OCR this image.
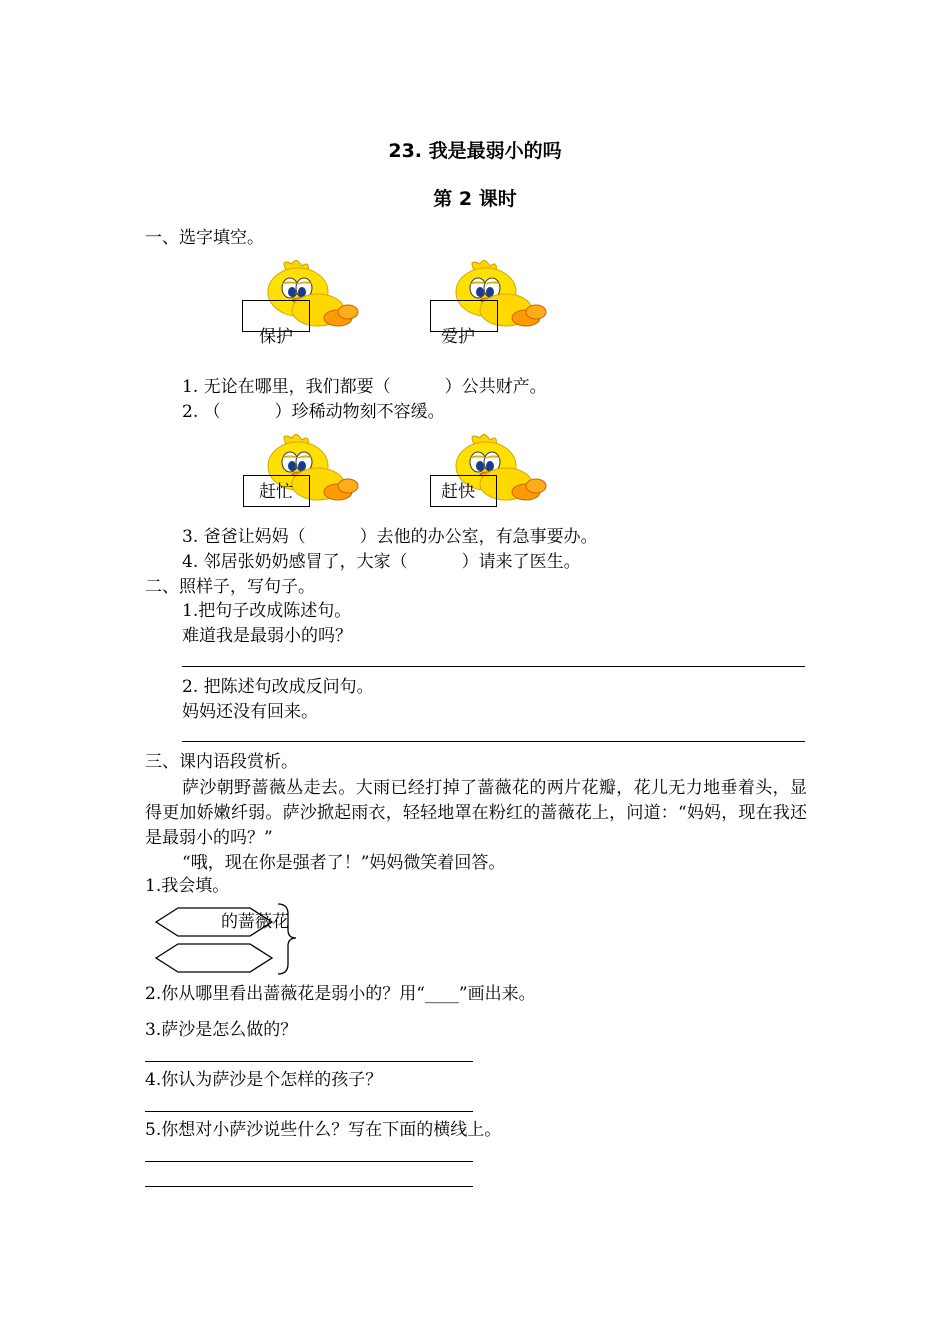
23. 我是最弱小的吗
第 2 课时
一、选字填空。
保护	爱护
1. 无论在哪里，我们都要（          ）公共财产。
2. （          ）珍稀动物刻不容缓。
赶忙	赶快
3. 爸爸让妈妈（          ）去他的办公室，有急事要办。
4. 邻居张奶奶感冒了，大家（          ）请来了医生。
二、照样子，写句子。
1.把句子改成陈述句。
难道我是最弱小的吗？
2. 把陈述句改成反问句。
妈妈还没有回来。
三、课内语段赏析。
萨沙朝野蔷薇丛走去。大雨已经打掉了蔷薇花的两片花瓣，花儿无力地垂着头，显得更加娇嫩纤弱。萨沙掀起雨衣，轻轻地罩在粉红的蔷薇花上，问道：“妈妈，现在我还是最弱小的吗？”
“哦，现在你是强者了！”妈妈微笑着回答。
1.我会填。
的蔷薇花
2.你从哪里看出蔷薇花是弱小的？用“____”画出来。
3.萨沙是怎么做的？
4.你认为萨沙是个怎样的孩子？
5.你想对小萨沙说些什么？写在下面的横线上。
